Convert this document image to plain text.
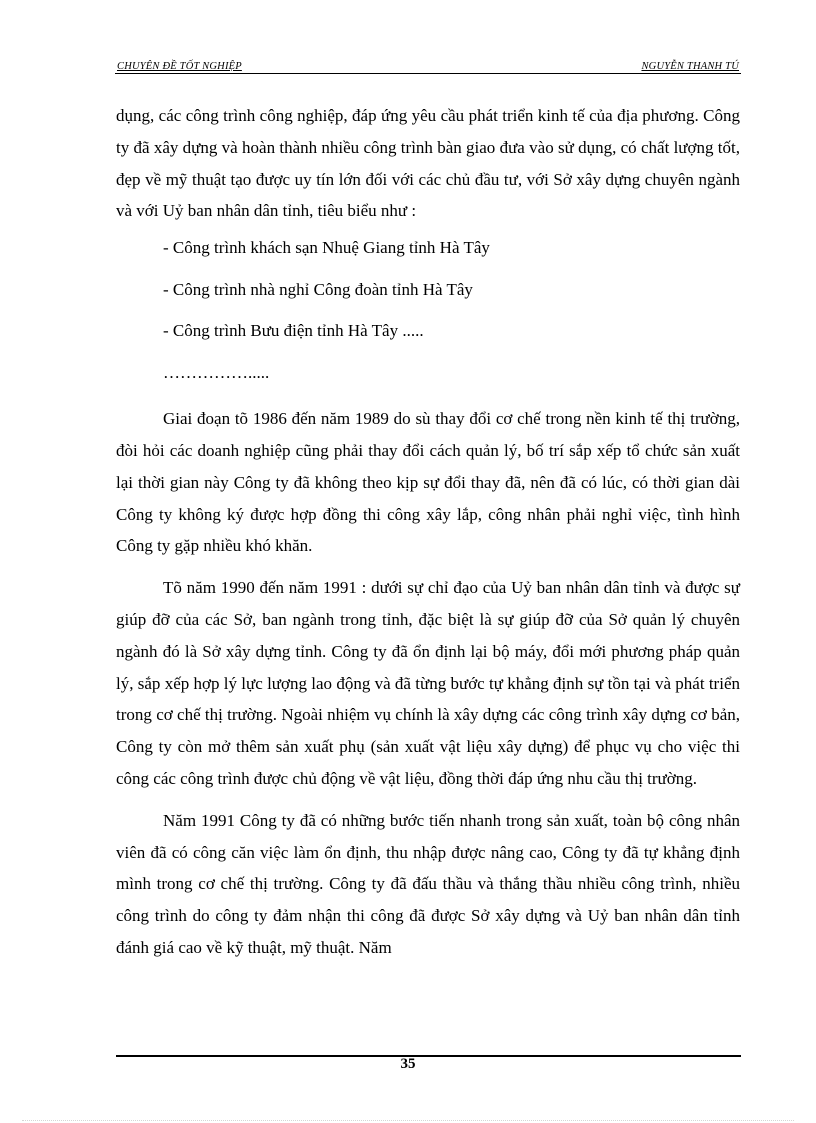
CHUYÊN ĐỀ TỐT NGHIỆP	NGUYỄN THANH TÚ

dụng, các công trình công nghiệp, đáp ứng yêu cầu phát triển kinh tế của địa phương. Công ty đã xây dựng và hoàn thành nhiều công trình bàn giao đưa vào sử dụng, có chất lượng tốt, đẹp về mỹ thuật tạo được uy tín lớn đối với các chủ đầu tư, với Sở xây dựng chuyên ngành và với Uỷ ban nhân dân tỉnh, tiêu biểu như :

- Công trình khách sạn Nhuệ Giang tỉnh Hà Tây

- Công trình nhà nghỉ Công đoàn tỉnh Hà Tây

- Công trình Bưu điện tỉnh Hà Tây .....

…………….....

Giai đoạn tõ 1986 đến năm 1989 do sù thay đổi cơ chế trong nền kinh tế thị trường, đòi hỏi các doanh nghiệp cũng phải thay đổi cách quản lý, bố trí sắp xếp tổ chức sản xuất lại thời gian này Công ty đã không theo kịp sự đổi thay đã, nên đã có lúc, có thời gian dài Công ty không ký được hợp đồng thi công xây lắp, công nhân phải nghỉ việc, tình hình Công ty gặp nhiều khó khăn.

Tõ năm 1990 đến năm 1991 : dưới sự chỉ đạo của Uỷ ban nhân dân tỉnh và được sự giúp đỡ của các Sở, ban ngành trong tỉnh, đặc biệt là sự giúp đỡ của Sở quản lý chuyên ngành đó là Sở xây dựng tỉnh. Công ty đã ổn định lại bộ máy, đổi mới phương pháp quản lý, sắp xếp hợp lý lực lượng lao động và đã từng bước tự khẳng định sự tồn tại và phát triển trong cơ chế thị trường. Ngoài nhiệm vụ chính là xây dựng các công trình xây dựng cơ bản, Công ty còn mở thêm sản xuất phụ (sản xuất vật liệu xây dựng) để phục vụ cho việc thi công các công trình được chủ động về vật liệu, đồng thời đáp ứng nhu cầu thị trường.

Năm 1991 Công ty đã có những bước tiến nhanh trong sản xuất, toàn bộ công nhân viên đã có công căn việc làm ổn định, thu nhập được nâng cao, Công ty đã tự khẳng định mình trong cơ chế thị trường. Công ty đã đấu thầu và thắng thầu nhiều công trình, nhiều công trình do công ty đảm nhận thi công đã được Sở xây dựng và Uỷ ban nhân dân tỉnh đánh giá cao về kỹ thuật, mỹ thuật. Năm

35
